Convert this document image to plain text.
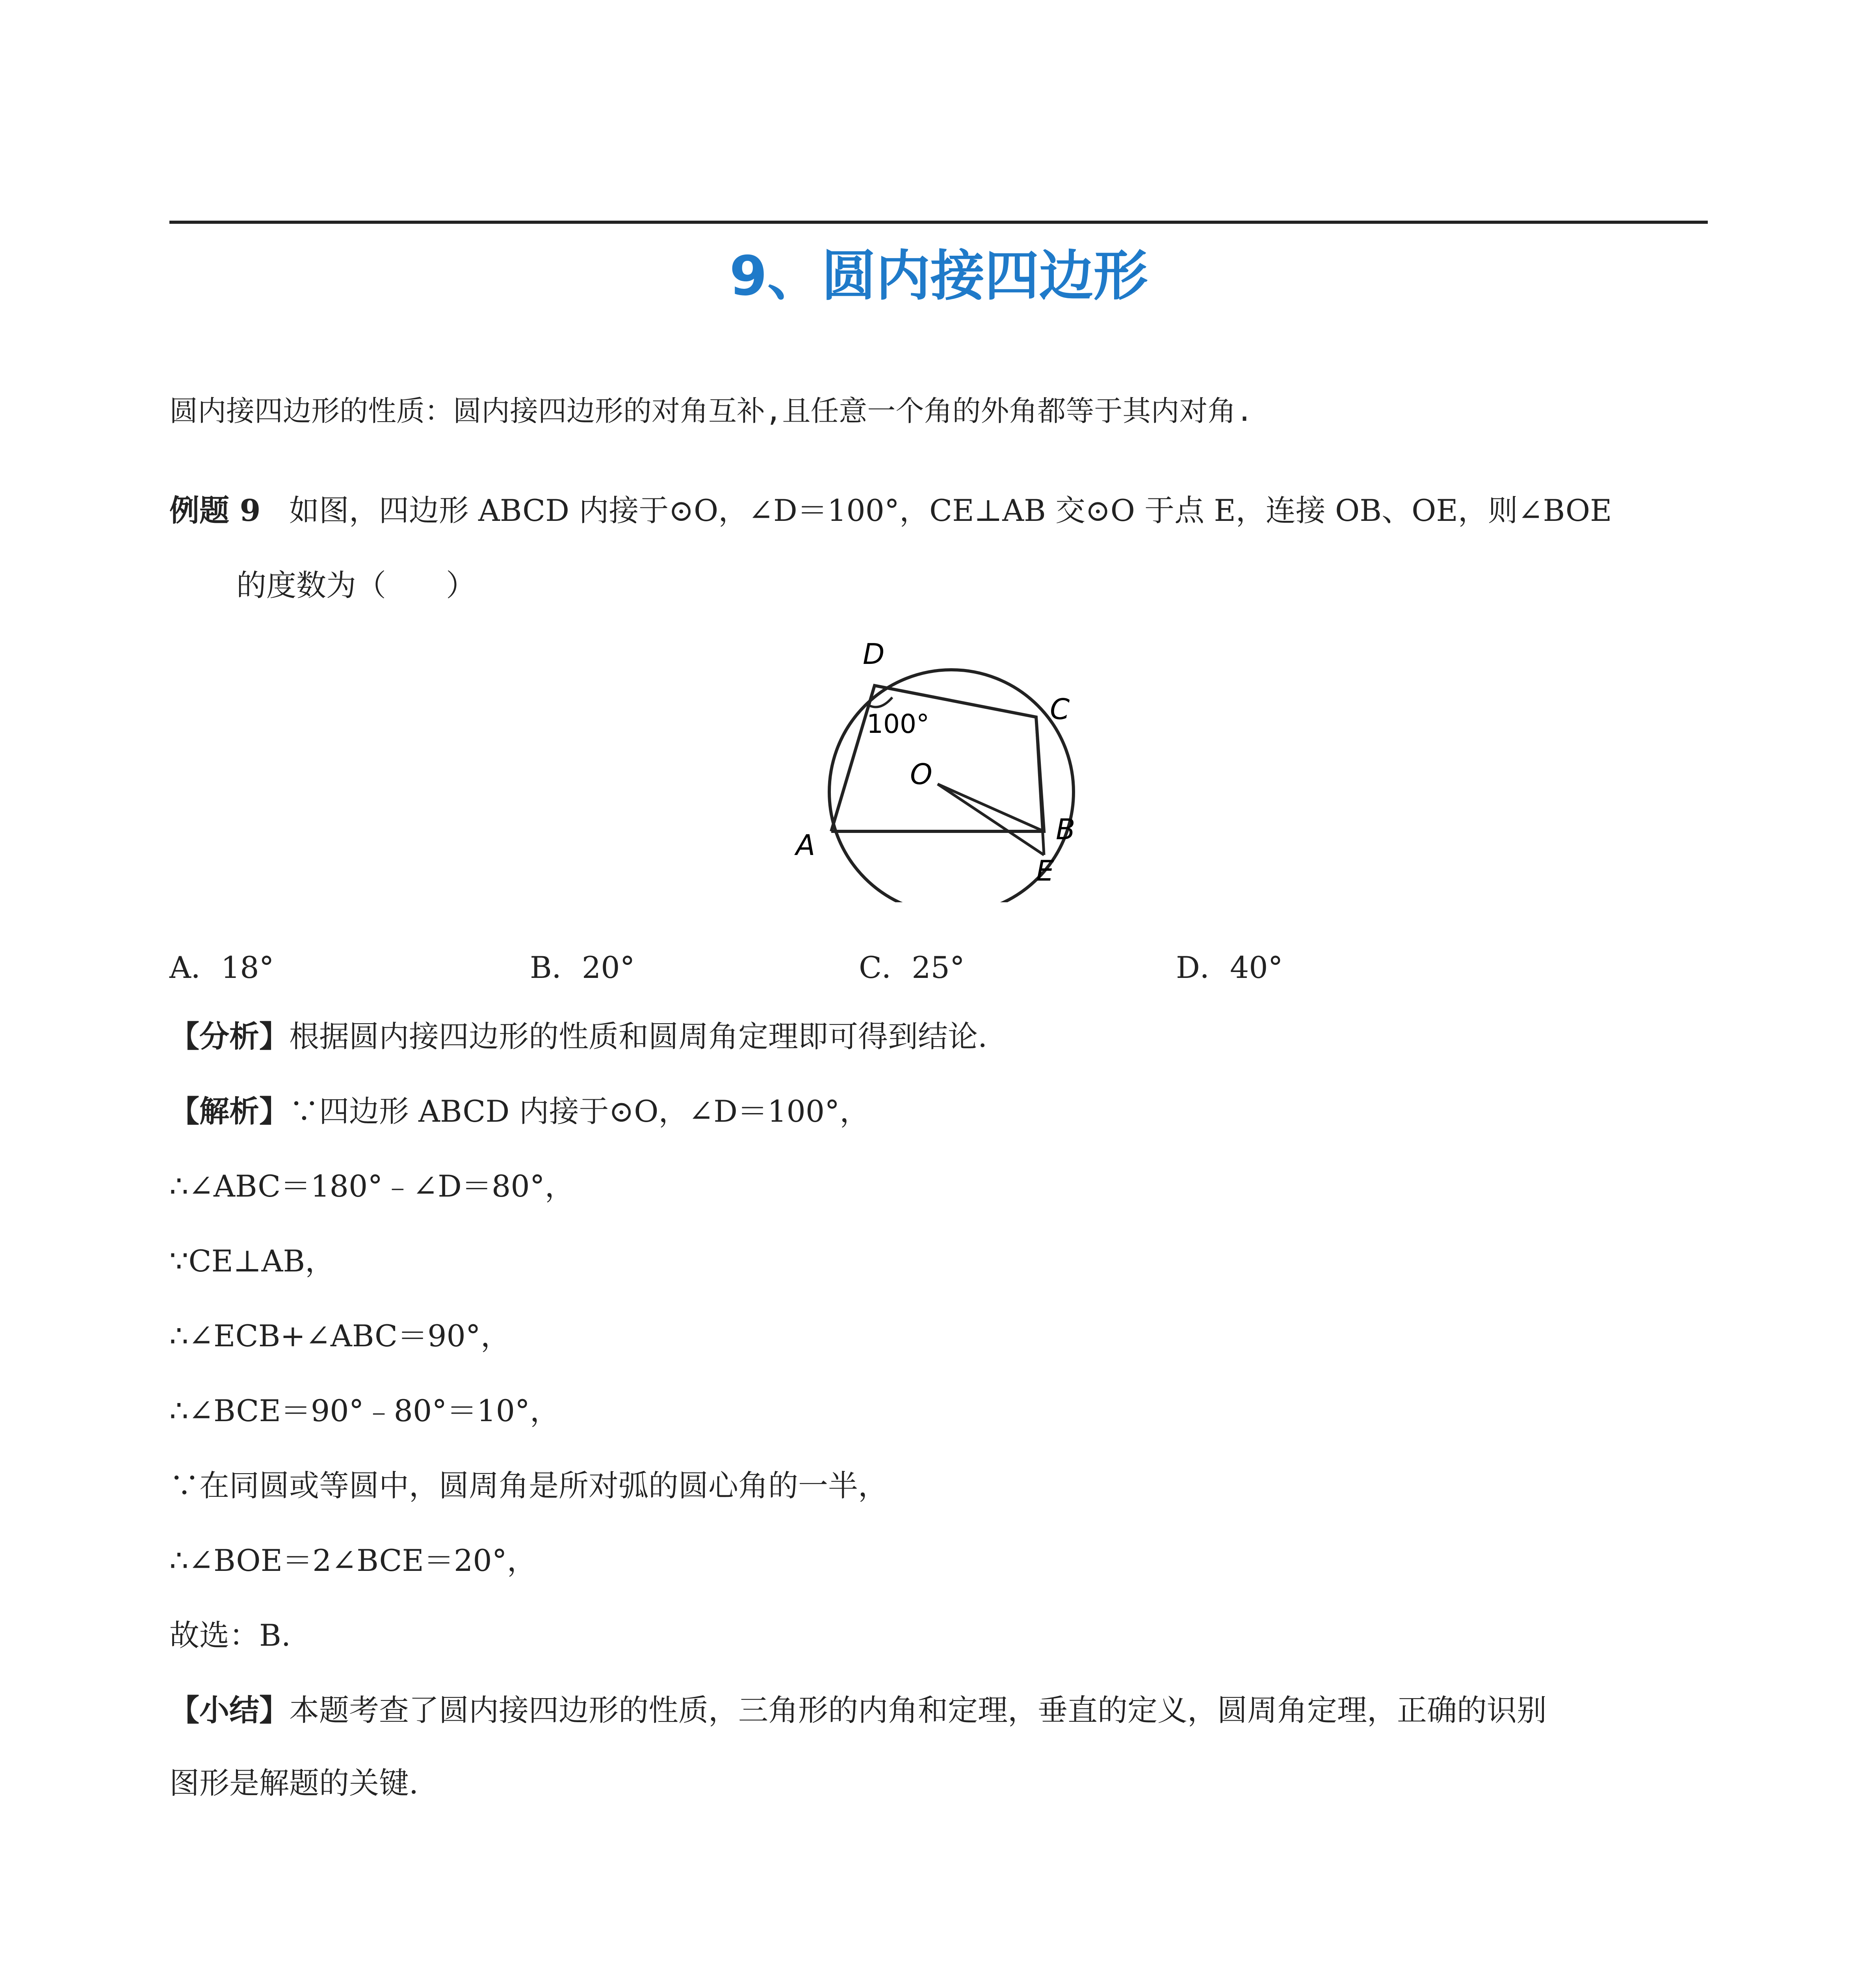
9、圆内接四边形
圆内接四边形的性质：圆内接四边形的对角互补,且任意一个角的外角都等于其内对角.
例题 9 如图，四边形 ABCD 内接于⊙O，∠D＝100°，CE⊥AB 交⊙O 于点 E，连接 OB、OE，则∠BOE
的度数为（　　）
D
C
O
B
E
A
100°
A．18°	B．20°	C．25°	D．40°
【分析】根据圆内接四边形的性质和圆周角定理即可得到结论.
【解析】∵四边形 ABCD 内接于⊙O，∠D＝100°，
∴∠ABC＝180°﹣∠D＝80°，
∵CE⊥AB，
∴∠ECB+∠ABC＝90°，
∴∠BCE＝90°﹣80°＝10°，
∵在同圆或等圆中，圆周角是所对弧的圆心角的一半，
∴∠BOE＝2∠BCE＝20°，
故选：B.
【小结】本题考查了圆内接四边形的性质，三角形的内角和定理，垂直的定义，圆周角定理，正确的识别
图形是解题的关键.
